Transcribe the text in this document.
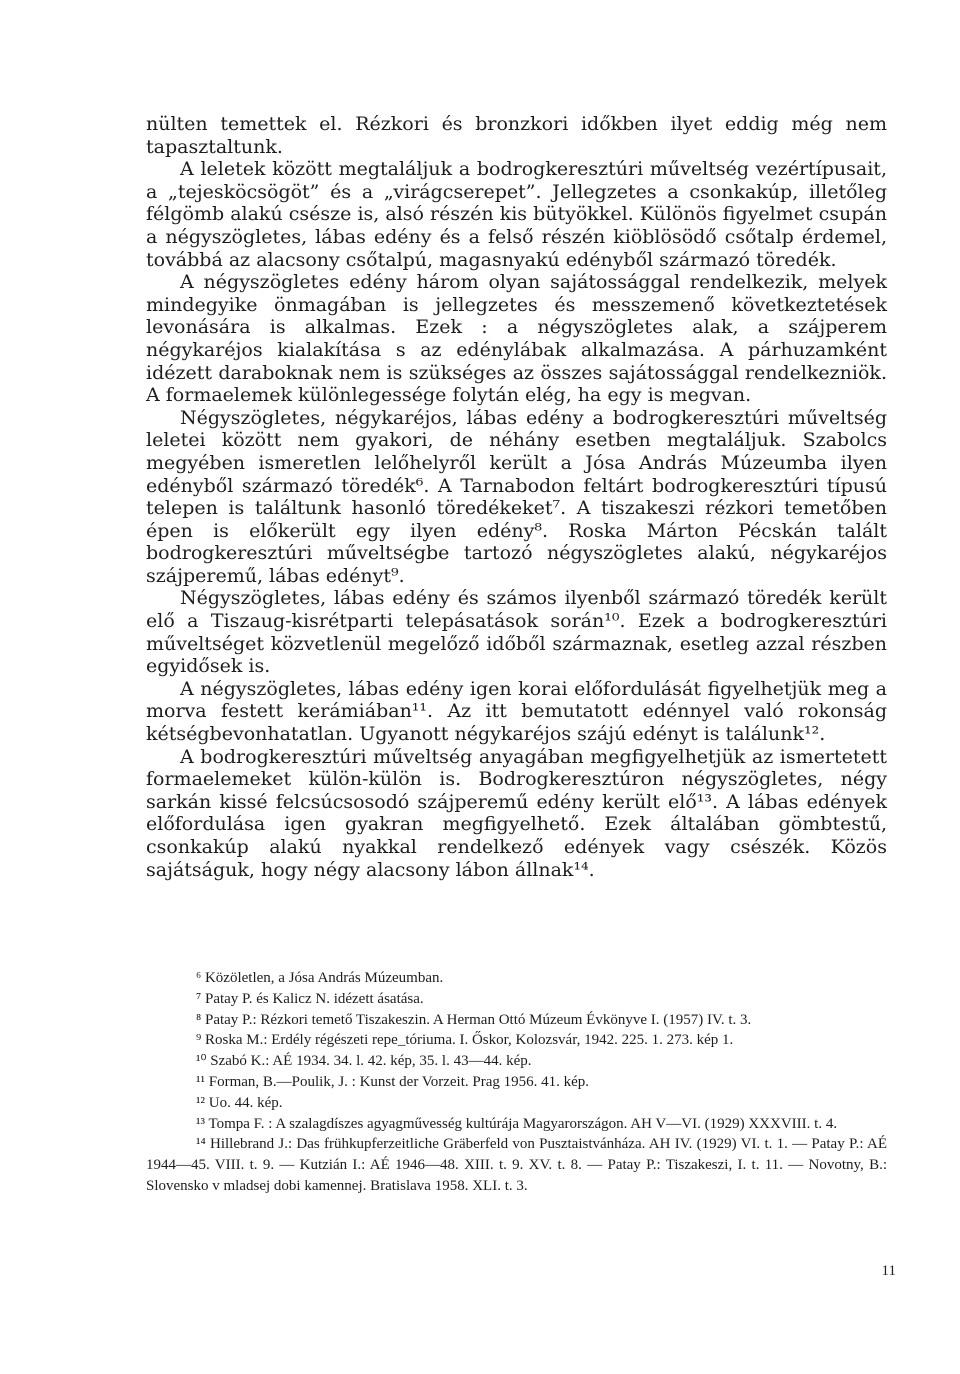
nülten temettek el. Rézkori és bronzkori időkben ilyet eddig még nem tapasztaltunk.

A leletek között megtaláljuk a bodrogkeresztúri műveltség vezértípusait, a „tejesköcsögöt” és a „virágcserepet”. Jellegzetes a csonkakúp, illetőleg félgömb alakú csésze is, alsó részén kis bütyökkel. Különös figyelmet csupán a négyszögletes, lábas edény és a felső részén kiöblösödő csőtalp érdemel, továbbá az alacsony csőtalpú, magasnyakú edényből származó töredék.

A négyszögletes edény három olyan sajátossággal rendelkezik, melyek mindegyike önmagában is jellegzetes és messzemenő következtetések levonására is alkalmas. Ezek : a négyszögletes alak, a szájperem négykaréjos kialakítása s az edénylábak alkalmazása. A párhuzamként idézett daraboknak nem is szükséges az összes sajátossággal rendelkezniök. A formaelemek különlegessége folytán elég, ha egy is megvan.

Négyszögletes, négykaréjos, lábas edény a bodrogkeresztúri műveltség leletei között nem gyakori, de néhány esetben megtaláljuk. Szabolcs megyében ismeretlen lelőhelyről került a Jósa András Múzeumba ilyen edényből származó töredék⁶. A Tarnabodon feltárt bodrogkeresztúri típusú telepen is találtunk hasonló töredékeket⁷. A tiszakeszi rézkori temetőben épen is előkerült egy ilyen edény⁸. Roska Márton Pécskán talált bodrogkeresztúri műveltségbe tartozó négyszögletes alakú, négykaréjos szájperemű, lábas edényt⁹.

Négyszögletes, lábas edény és számos ilyenből származó töredék került elő a Tiszaug-kisrétparti telepásatások során¹⁰. Ezek a bodrogkeresztúri műveltséget közvetlenül megelőző időből származnak, esetleg azzal részben egyidősek is.

A négyszögletes, lábas edény igen korai előfordulását figyelhetjük meg a morva festett kerámiában¹¹. Az itt bemutatott edénnyel való rokonság kétségbevonhatatlan. Ugyanott négykaréjos szájú edényt is találunk¹².

A bodrogkeresztúri műveltség anyagában megfigyelhetjük az ismertetett formaelemeket külön-külön is. Bodrogkeresztúron négyszögletes, négy sarkán kissé felcsúcsosodó szájperemű edény került elő¹³. A lábas edények előfordulása igen gyakran megfigyelhető. Ezek általában gömbtestű, csonkakúp alakú nyakkal rendelkező edények vagy csészék. Közös sajátságuk, hogy négy alacsony lábon állnak¹⁴.

⁶ Közöletlen, a Jósa András Múzeumban.

⁷ Patay P. és Kalicz N. idézett ásatása.

⁸ Patay P.: Rézkori temető Tiszakeszin. A Herman Ottó Múzeum Évkönyve I. (1957) IV. t. 3.

⁹ Roska M.: Erdély régészeti repe_tóriuma. I. Őskor, Kolozsvár, 1942. 225. 1. 273. kép 1.

¹⁰ Szabó K.: AÉ 1934. 34. l. 42. kép, 35. l. 43—44. kép.

¹¹ Forman, B.—Poulik, J. : Kunst der Vorzeit. Prag 1956. 41. kép.

¹² Uo. 44. kép.

¹³ Tompa F. : A szalagdíszes agyagművesség kultúrája Magyarországon. AH V—VI. (1929) XXXVIII. t. 4.

¹⁴ Hillebrand J.: Das frühkupferzeitliche Gräberfeld von Pusztaistvánháza. AH IV. (1929) VI. t. 1. — Patay P.: AÉ 1944—45. VIII. t. 9. — Kutzián I.: AÉ 1946—48. XIII. t. 9. XV. t. 8. — Patay P.: Tiszakeszi, I. t. 11. — Novotny, B.: Slovensko v mladsej dobi kamennej. Bratislava 1958. XLI. t. 3.

11
